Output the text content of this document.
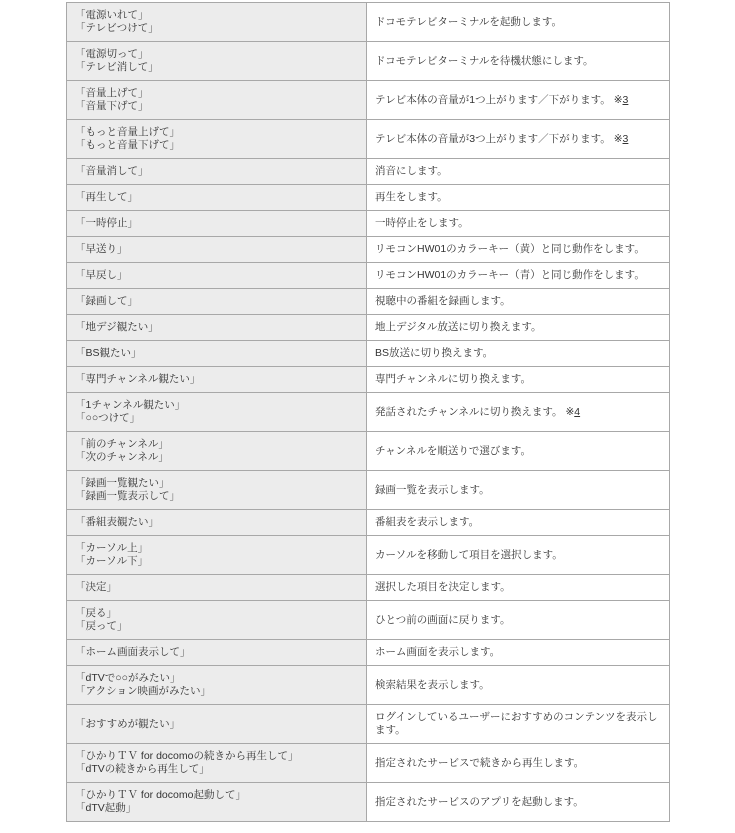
「電源いれて」
「テレビつけて」	ドコモテレビターミナルを起動します。

「電源切って」
「テレビ消して」	ドコモテレビターミナルを待機状態にします。

「音量上げて」
「音量下げて」	テレビ本体の音量が1つ上がります／下がります。 ※3

「もっと音量上げて」
「もっと音量下げて」	テレビ本体の音量が3つ上がります／下がります。 ※3

「音量消して」	消音にします。

「再生して」	再生をします。

「一時停止」	一時停止をします。

「早送り」	リモコンHW01のカラーキー（黄）と同じ動作をします。

「早戻し」	リモコンHW01のカラーキー（青）と同じ動作をします。

「録画して」	視聴中の番組を録画します。

「地デジ観たい」	地上デジタル放送に切り換えます。

「BS観たい」	BS放送に切り換えます。

「専門チャンネル観たい」	専門チャンネルに切り換えます。

「1チャンネル観たい」
「○○つけて」	発話されたチャンネルに切り換えます。 ※4

「前のチャンネル」
「次のチャンネル」	チャンネルを順送りで選びます。

「録画一覧観たい」
「録画一覧表示して」	録画一覧を表示します。

「番組表観たい」	番組表を表示します。

「カーソル上」
「カーソル下」	カーソルを移動して項目を選択します。

「決定」	選択した項目を決定します。

「戻る」
「戻って」	ひとつ前の画面に戻ります。

「ホーム画面表示して」	ホーム画面を表示します。

「dTVで○○がみたい」
「アクション映画がみたい」	検索結果を表示します。

「おすすめが観たい」	ログインしているユーザーにおすすめのコンテンツを表示します。

「ひかりＴＶ for docomoの続きから再生して」
「dTVの続きから再生して」	指定されたサービスで続きから再生します。

「ひかりＴＶ for docomo起動して」
「dTV起動」	指定されたサービスのアプリを起動します。
